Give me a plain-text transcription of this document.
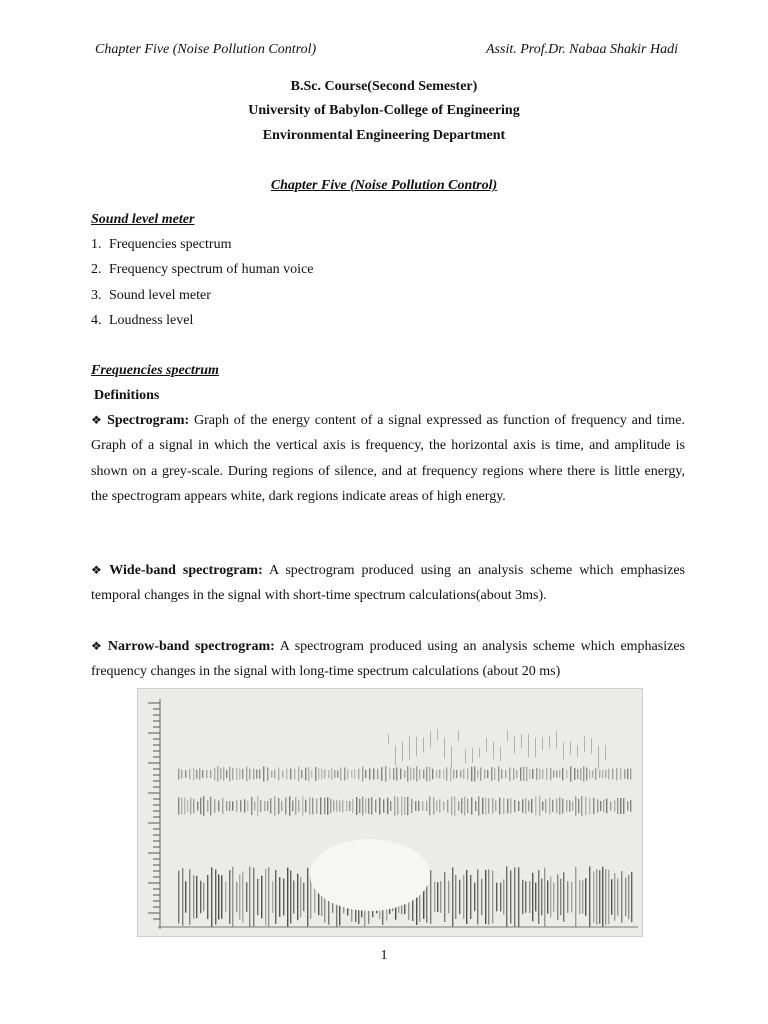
Chapter Five (Noise Pollution Control)	Assit. Prof.Dr. Nabaa Shakir Hadi
B.Sc. Course(Second Semester)
University of Babylon-College of Engineering
Environmental Engineering Department
Chapter Five (Noise Pollution Control)
Sound level meter
1. Frequencies spectrum
2. Frequency spectrum of human voice
3. Sound level meter
4. Loudness level
Frequencies spectrum
Definitions
❖ Spectrogram: Graph of the energy content of a signal expressed as function of frequency and time. Graph of a signal in which the vertical axis is frequency, the horizontal axis is time, and amplitude is shown on a grey-scale. During regions of silence, and at frequency regions where there is little energy, the spectrogram appears white, dark regions indicate areas of high energy.
❖ Wide-band spectrogram: A spectrogram produced using an analysis scheme which emphasizes temporal changes in the signal with short-time spectrum calculations(about 3ms).
❖ Narrow-band spectrogram: A spectrogram produced using an analysis scheme which emphasizes frequency changes in the signal with long-time spectrum calculations (about 20 ms)
1
